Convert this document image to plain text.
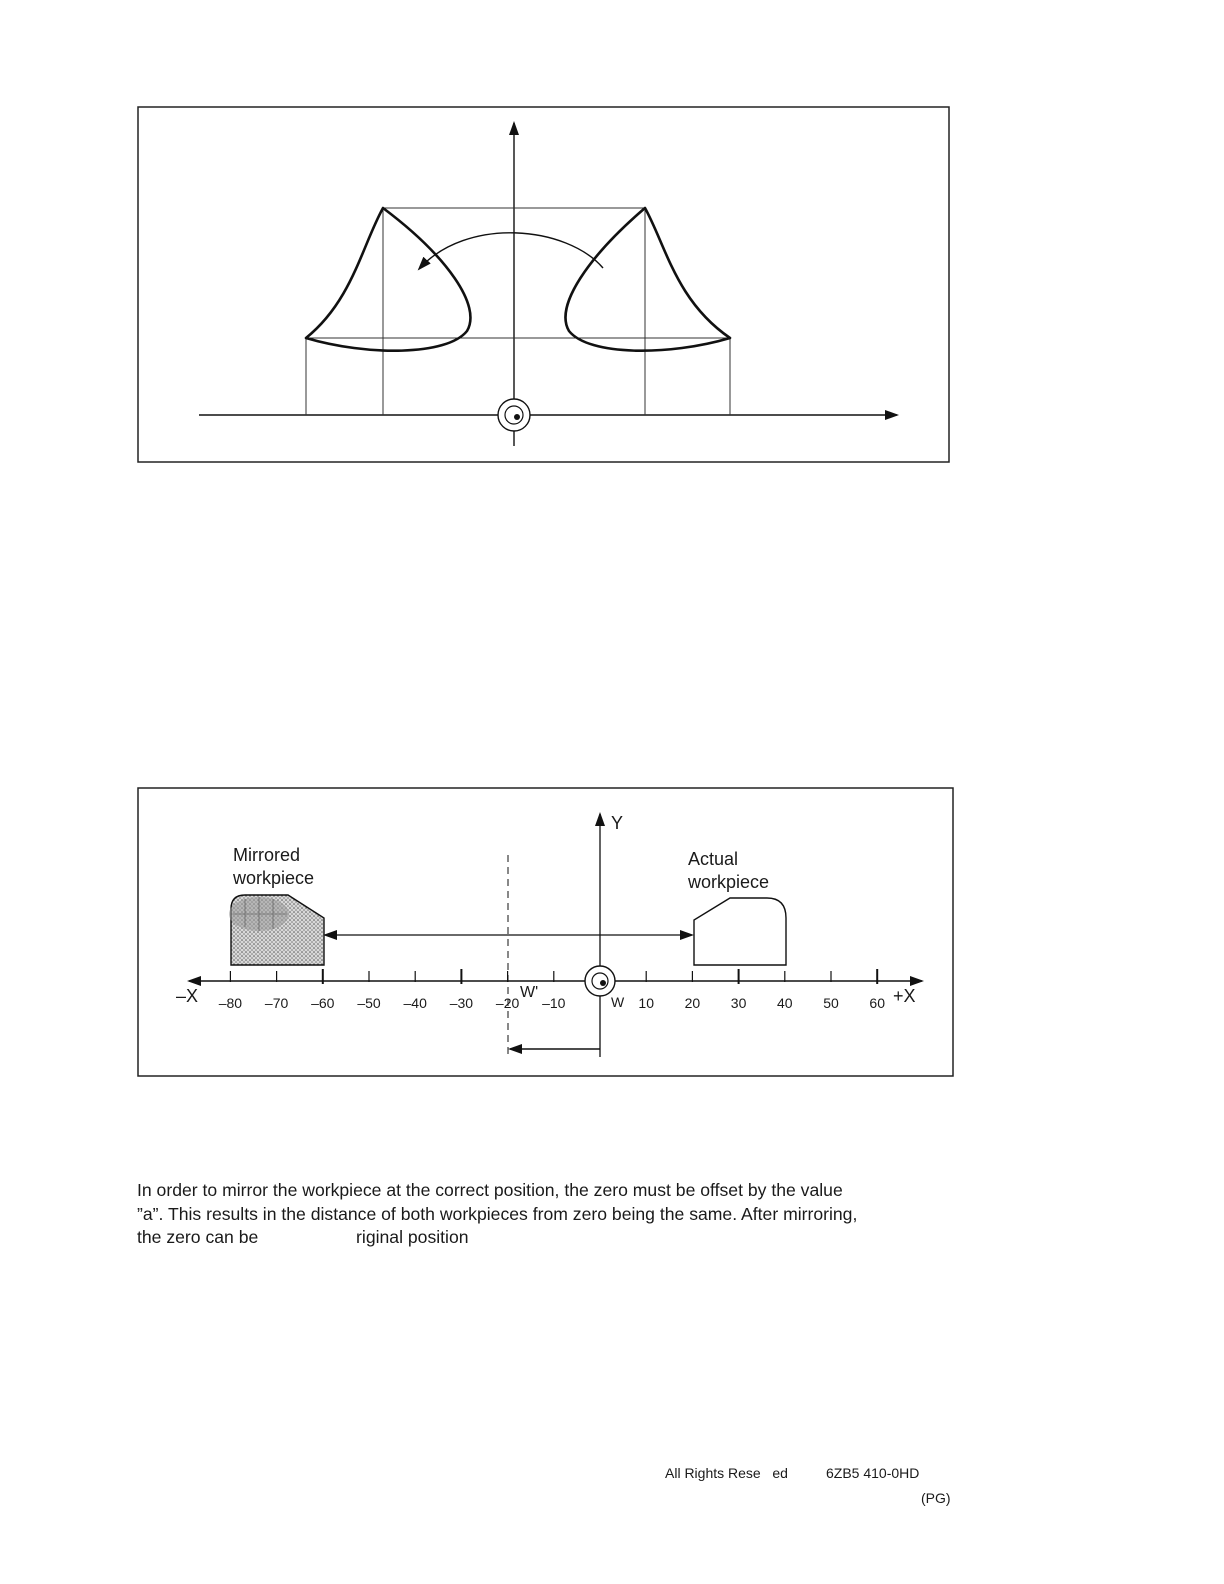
Y
–X	+X
–80 –70 –60 –50 –40 –30 –20 –10	10 20 30 40 50 60
W'
W
Mirrored
workpiece
Actual
workpiece

In order to mirror the workpiece at the correct position, the zero must be offset by the value
”a”. This results in the distance of both workpieces from zero being the same. After mirroring,
the zero can be                    riginal position

All Rights Rese   ed	6ZB5 410-0HD
(PG)
